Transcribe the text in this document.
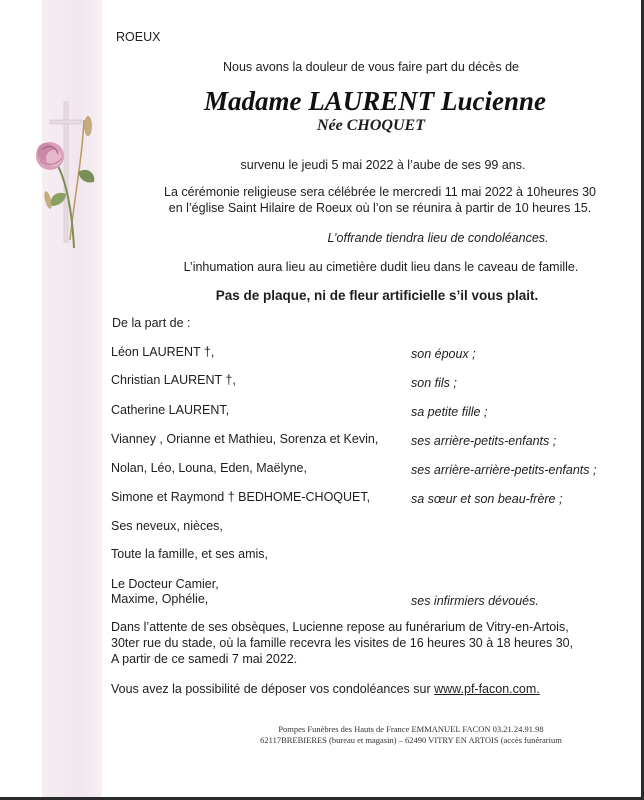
ROEUX
Nous avons la douleur de vous faire part du décès de
Madame LAURENT Lucienne
Née CHOQUET
survenu le jeudi 5 mai 2022 à l’aube de ses 99 ans.
La cérémonie religieuse sera célébrée le mercredi 11 mai 2022 à 10heures 30
en l’église Saint Hilaire de Roeux où l’on se réunira à partir de 10 heures 15.
L’offrande tiendra lieu de condoléances.
L’inhumation aura lieu au cimetière dudit lieu dans le caveau de famille.
Pas de plaque, ni de fleur artificielle s’il vous plait.
De la part de :
Léon LAURENT †,	son époux ;
Christian LAURENT †,	son fils ;
Catherine LAURENT,	sa petite fille ;
Vianney , Orianne et Mathieu, Sorenza et Kevin,	ses arrière-petits-enfants ;
Nolan, Léo, Louna, Eden, Maëlyne,	ses arrière-arrière-petits-enfants ;
Simone et Raymond † BEDHOME-CHOQUET,	sa sœur et son beau-frère ;
Ses neveux, nièces,
Toute la famille, et ses amis,
Le Docteur Camier,
Maxime, Ophélie,	ses infirmiers dévoués.
Dans l’attente de ses obsèques, Lucienne repose au funérarium de Vitry-en-Artois,
30ter rue du stade, où la famille recevra les visites de 16 heures 30 à 18 heures 30,
A partir de ce samedi 7 mai 2022.
Vous avez la possibilité de déposer vos condoléances sur www.pf-facon.com.
Pompes Funèbres des Hauts de France EMMANUEL FACON 03.21.24.91.98
62117BREBIERES (bureau et magasin) – 62490 VITRY EN ARTOIS (accès funérarium
